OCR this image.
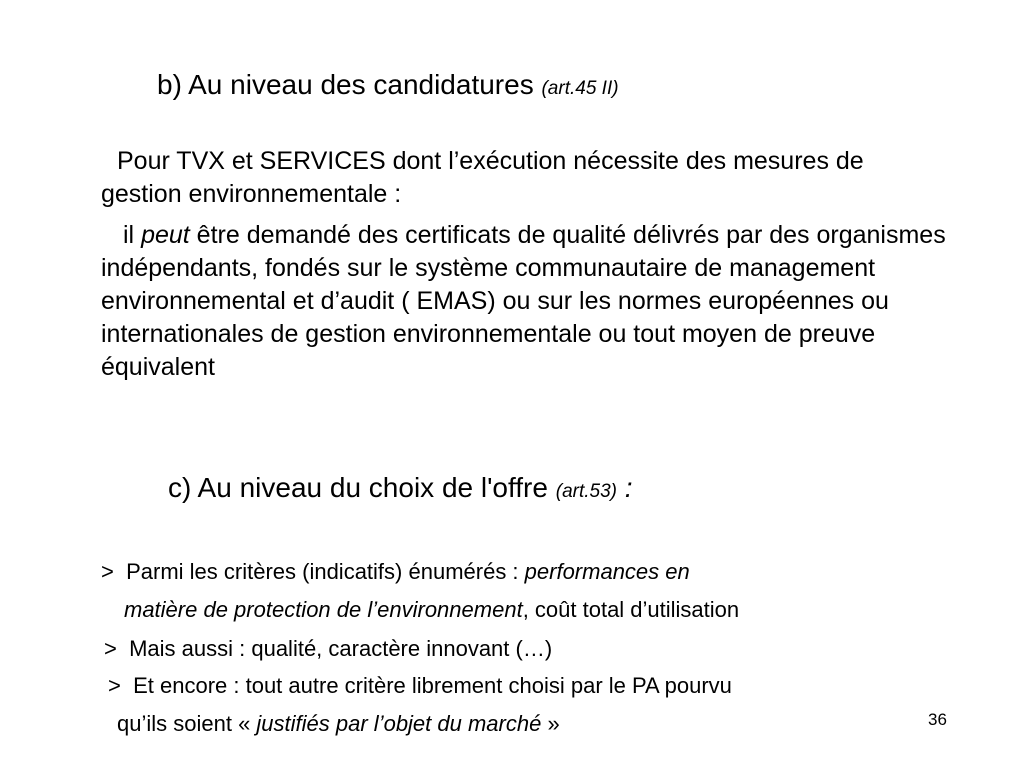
b) Au niveau des candidatures (art.45 II)
Pour TVX et SERVICES dont l’exécution nécessite des mesures de gestion environnementale :
il peut être demandé des certificats de qualité délivrés par des organismes indépendants, fondés sur le système communautaire de management environnemental et d’audit ( EMAS) ou sur les normes européennes ou internationales de gestion environnementale ou tout moyen de preuve équivalent
c) Au niveau du choix de l'offre (art.53) :
> Parmi les critères (indicatifs) énumérés : performances en
matière de protection de l’environnement, coût total d’utilisation
> Mais aussi : qualité, caractère innovant (…)
> Et encore : tout autre critère librement choisi par le PA pourvu
qu’ils soient « justifiés par l’objet du marché »	36
